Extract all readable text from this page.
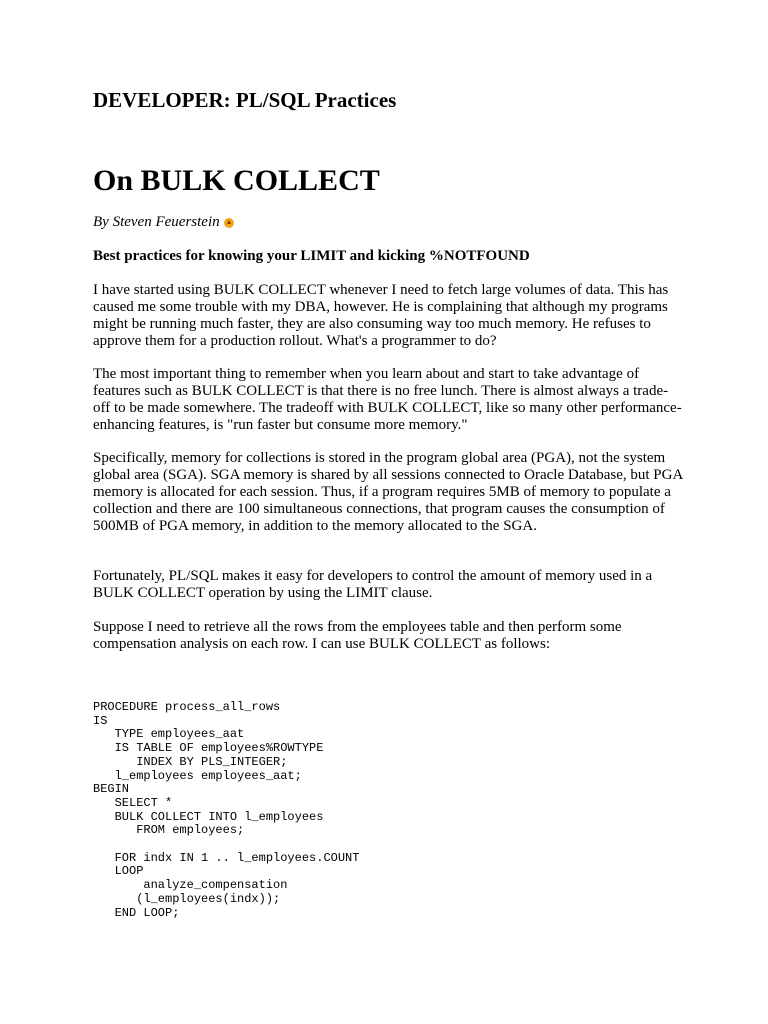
DEVELOPER: PL/SQL Practices
On BULK COLLECT
By Steven Feuerstein
Best practices for knowing your LIMIT and kicking %NOTFOUND
I have started using BULK COLLECT whenever I need to fetch large volumes of data. This has caused me some trouble with my DBA, however. He is complaining that although my programs might be running much faster, they are also consuming way too much memory. He refuses to approve them for a production rollout. What's a programmer to do?
The most important thing to remember when you learn about and start to take advantage of features such as BULK COLLECT is that there is no free lunch. There is almost always a trade-off to be made somewhere. The tradeoff with BULK COLLECT, like so many other performance-enhancing features, is "run faster but consume more memory."
Specifically, memory for collections is stored in the program global area (PGA), not the system global area (SGA). SGA memory is shared by all sessions connected to Oracle Database, but PGA memory is allocated for each session. Thus, if a program requires 5MB of memory to populate a collection and there are 100 simultaneous connections, that program causes the consumption of 500MB of PGA memory, in addition to the memory allocated to the SGA.
Fortunately, PL/SQL makes it easy for developers to control the amount of memory used in a BULK COLLECT operation by using the LIMIT clause.
Suppose I need to retrieve all the rows from the employees table and then perform some compensation analysis on each row. I can use BULK COLLECT as follows:
PROCEDURE process_all_rows
IS
TYPE employees_aat
IS TABLE OF employees%ROWTYPE
INDEX BY PLS_INTEGER;
l_employees employees_aat;
BEGIN
SELECT *
BULK COLLECT INTO l_employees
FROM employees;

FOR indx IN 1 .. l_employees.COUNT
LOOP
analyze_compensation
(l_employees(indx));
END LOOP;
